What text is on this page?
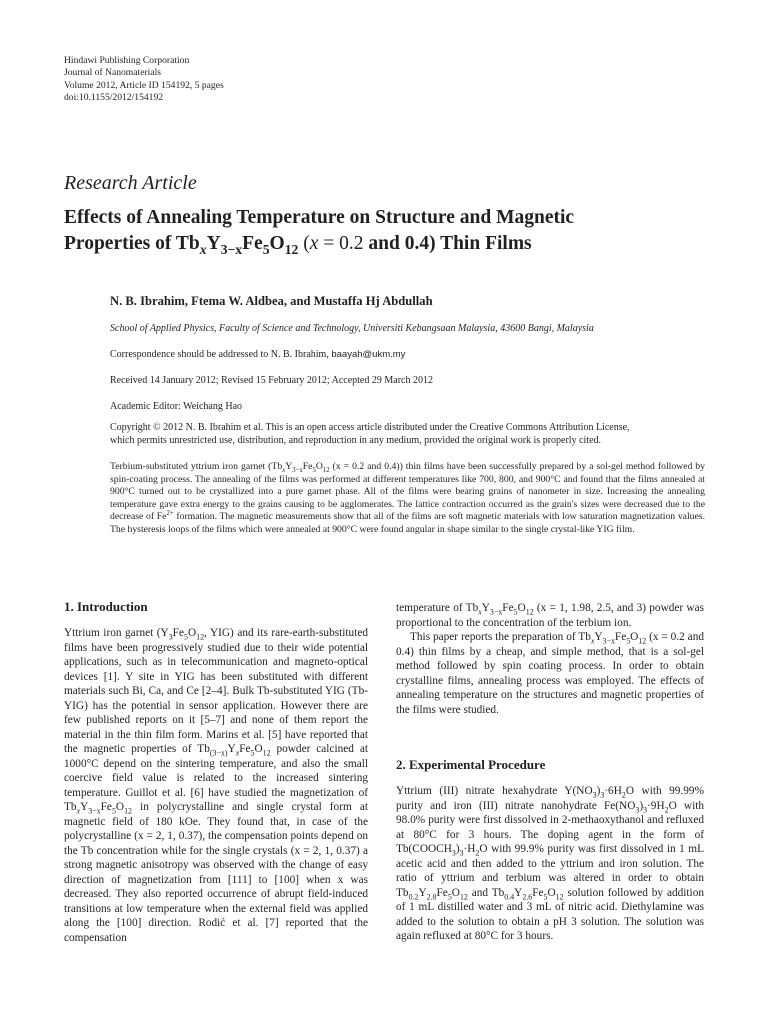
Hindawi Publishing Corporation
Journal of Nanomaterials
Volume 2012, Article ID 154192, 5 pages
doi:10.1155/2012/154192
Research Article
Effects of Annealing Temperature on Structure and Magnetic
Properties of $Tb_xY_{3-x}Fe_5O_{12}$ (x = 0.2 and 0.4) Thin Films
N. B. Ibrahim, Ftema W. Aldbea, and Mustaffa Hj Abdullah
School of Applied Physics, Faculty of Science and Technology, Universiti Kebangsaan Malaysia, 43600 Bangi, Malaysia
Correspondence should be addressed to N. B. Ibrahim, baayah@ukm.my
Received 14 January 2012; Revised 15 February 2012; Accepted 29 March 2012
Academic Editor: Weichang Hao
Copyright © 2012 N. B. Ibrahim et al. This is an open access article distributed under the Creative Commons Attribution License,
which permits unrestricted use, distribution, and reproduction in any medium, provided the original work is properly cited.
Terbium-substituted yttrium iron garnet ($Tb_xY_{3-x}Fe_5O_{12}$ (x = 0.2 and 0.4)) thin films have been successfully prepared by a sol-gel method followed by spin-coating process. The annealing of the films was performed at different temperatures like 700, 800, and 900°C and found that the films annealed at 900°C turned out to be crystallized into a pure garnet phase. All of the films were bearing grains of nanometer in size. Increasing the annealing temperature gave extra energy to the grains causing to be agglomerates. The lattice contraction occurred as the grain's sizes were decreased due to the decrease of $Fe^{2+}$ formation. The magnetic measurements show that all of the films are soft magnetic materials with low saturation magnetization values. The hysteresis loops of the films which were annealed at 900°C were found angular in shape similar to the single crystal-like YIG film.
1. Introduction

Yttrium iron garnet ($Y_3Fe_5O_{12}$, YIG) and its rare-earth-substituted films have been progressively studied due to their wide potential applications, such as in telecommunication and magneto-optical devices [1]. Y site in YIG has been substituted with different materials such Bi, Ca, and Ce [2–4]. Bulk Tb-substituted YIG (Tb-YIG) has the potential in sensor application. However there are few published reports on it [5–7] and none of them report the material in the thin film form. Marins et al. [5] have reported that the magnetic properties of $Tb_{(3-x)}Y_xFe_5O_{12}$ powder calcined at 1000°C depend on the sintering temperature, and also the small coercive field value is related to the increased sintering temperature. Guillot et al. [6] have studied the magnetization of $Tb_xY_{3-x}Fe_5O_{12}$ in polycrystalline and single crystal form at magnetic field of 180 kOe. They found that, in case of the polycrystalline (x = 2, 1, 0.37), the compensation points depend on the Tb concentration while for the single crystals (x = 2, 1, 0.37) a strong magnetic anisotropy was observed with the change of easy direction of magnetization from [111] to [100] when x was decreased. They also reported occurrence of abrupt field-induced transitions at low temperature when the external field was applied along the [100] direction. Rodić et al. [7] reported that the compensation

temperature of $Tb_xY_{3-x}Fe_5O_{12}$ (x = 1, 1.98, 2.5, and 3) powder was proportional to the concentration of the terbium ion.

This paper reports the preparation of $Tb_xY_{3-x}Fe_5O_{12}$ (x = 0.2 and 0.4) thin films by a cheap, and simple method, that is a sol-gel method followed by spin coating process. In order to obtain crystalline films, annealing process was employed. The effects of annealing temperature on the structures and magnetic properties of the films were studied.

2. Experimental Procedure

Yttrium (III) nitrate hexahydrate $Y(NO_3)_3\cdot 6H_2O$ with 99.99% purity and iron (III) nitrate nanohydrate $Fe(NO_3)_3\cdot 9H_2O$ with 98.0% purity were first dissolved in 2-methaoxythanol and refluxed at 80°C for 3 hours. The doping agent in the form of $Tb(COOCH_3)_3\cdot H_2O$ with 99.9% purity was first dissolved in 1 mL acetic acid and then added to the yttrium and iron solution. The ratio of yttrium and terbium was altered in order to obtain $Tb_{0.2}Y_{2.8}Fe_5O_{12}$ and $Tb_{0.4}Y_{2.6}Fe_5O_{12}$ solution followed by addition of 1 mL distilled water and 3 mL of nitric acid. Diethylamine was added to the solution to obtain a pH 3 solution. The solution was again refluxed at 80°C for 3 hours.
